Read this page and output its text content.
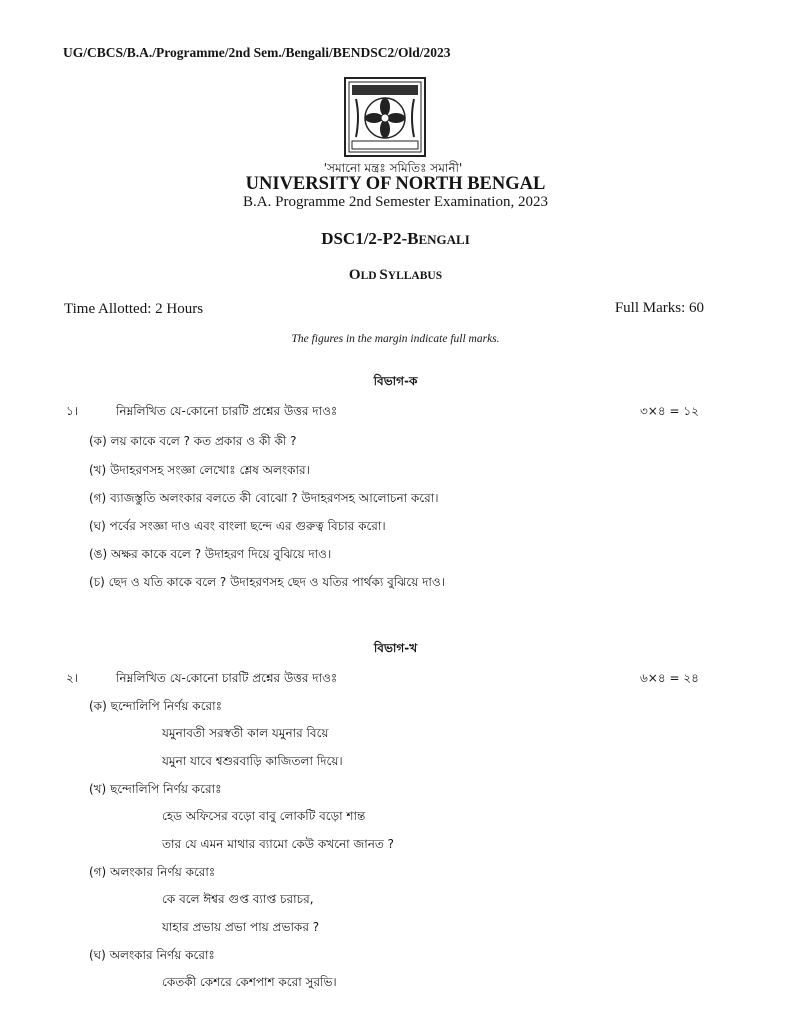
UG/CBCS/B.A./Programme/2nd Sem./Bengali/BENDSC2/Old/2023
'সমানো মন্ত্রঃ সমিতিঃ সমানী'
UNIVERSITY OF NORTH BENGAL
B.A. Programme 2nd Semester Examination, 2023
DSC1/2-P2-BENGALI
OLD SYLLABUS
Time Allotted: 2 Hours	Full Marks: 60
The figures in the margin indicate full marks.
বিভাগ-ক
১।	নিম্নলিখিত যে-কোনো চারটি প্রশ্নের উত্তর দাওঃ	৩×৪ = ১২
(ক) লয় কাকে বলে ? কত প্রকার ও কী কী ?
(খ) উদাহরণসহ সংজ্ঞা লেখোঃ শ্লেষ অলংকার।
(গ) ব্যাজস্তুতি অলংকার বলতে কী বোঝো ? উদাহরণসহ আলোচনা করো।
(ঘ) পর্বের সংজ্ঞা দাও এবং বাংলা ছন্দে এর গুরুত্ব বিচার করো।
(ঙ) অক্ষর কাকে বলে ? উদাহরণ দিয়ে বুঝিয়ে দাও।
(চ) ছেদ ও যতি কাকে বলে ? উদাহরণসহ ছেদ ও যতির পার্থক্য বুঝিয়ে দাও।
বিভাগ-খ
২।	নিম্নলিখিত যে-কোনো চারটি প্রশ্নের উত্তর দাওঃ	৬×৪ = ২৪
(ক) ছন্দোলিপি নির্ণয় করোঃ
যমুনাবতী সরস্বতী কাল যমুনার বিয়ে
যমুনা যাবে শ্বশুরবাড়ি কাজিতলা দিয়ে।
(খ) ছন্দোলিপি নির্ণয় করোঃ
হেড অফিসের বড়ো বাবু লোকটি বড়ো শান্ত
তার যে এমন মাথার ব্যামো কেউ কখনো জানত ?
(গ) অলংকার নির্ণয় করোঃ
কে বলে ঈশ্বর গুপ্ত ব্যাপ্ত চরাচর,
যাহার প্রভায় প্রভা পায় প্রভাকর ?
(ঘ) অলংকার নির্ণয় করোঃ
কেতকী কেশরে কেশপাশ করো সুরভি।
